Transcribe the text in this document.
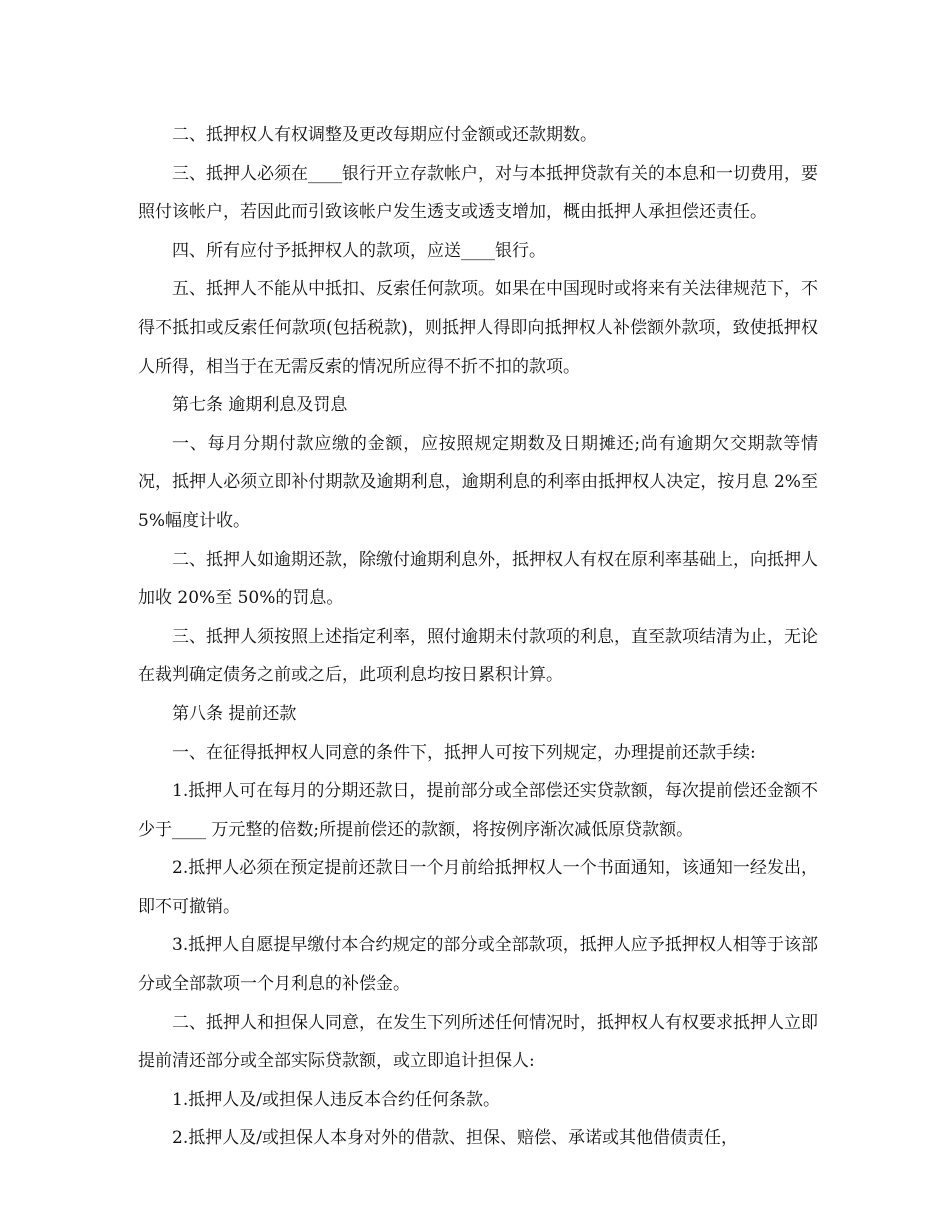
二、抵押权人有权调整及更改每期应付金额或还款期数。

三、抵押人必须在____银行开立存款帐户，对与本抵押贷款有关的本息和一切费用，要照付该帐户，若因此而引致该帐户发生透支或透支增加，概由抵押人承担偿还责任。

四、所有应付予抵押权人的款项，应送____银行。

五、抵押人不能从中抵扣、反索任何款项。如果在中国现时或将来有关法律规范下，不得不抵扣或反索任何款项(包括税款)，则抵押人得即向抵押权人补偿额外款项，致使抵押权人所得，相当于在无需反索的情况所应得不折不扣的款项。

第七条 逾期利息及罚息

一、每月分期付款应缴的金额，应按照规定期数及日期摊还;尚有逾期欠交期款等情况，抵押人必须立即补付期款及逾期利息，逾期利息的利率由抵押权人决定，按月息 2%至 5%幅度计收。

二、抵押人如逾期还款，除缴付逾期利息外，抵押权人有权在原利率基础上，向抵押人加收 20%至 50%的罚息。

三、抵押人须按照上述指定利率，照付逾期未付款项的利息，直至款项结清为止，无论在裁判确定债务之前或之后，此项利息均按日累积计算。

第八条 提前还款

一、在征得抵押权人同意的条件下，抵押人可按下列规定，办理提前还款手续:

1.抵押人可在每月的分期还款日，提前部分或全部偿还实贷款额，每次提前偿还金额不少于____ 万元整的倍数;所提前偿还的款额，将按例序渐次减低原贷款额。

2.抵押人必须在预定提前还款日一个月前给抵押权人一个书面通知，该通知一经发出，即不可撤销。

3.抵押人自愿提早缴付本合约规定的部分或全部款项，抵押人应予抵押权人相等于该部分或全部款项一个月利息的补偿金。

二、抵押人和担保人同意，在发生下列所述任何情况时，抵押权人有权要求抵押人立即提前清还部分或全部实际贷款额，或立即追计担保人:

1.抵押人及/或担保人违反本合约任何条款。

2.抵押人及/或担保人本身对外的借款、担保、赔偿、承诺或其他借债责任，
